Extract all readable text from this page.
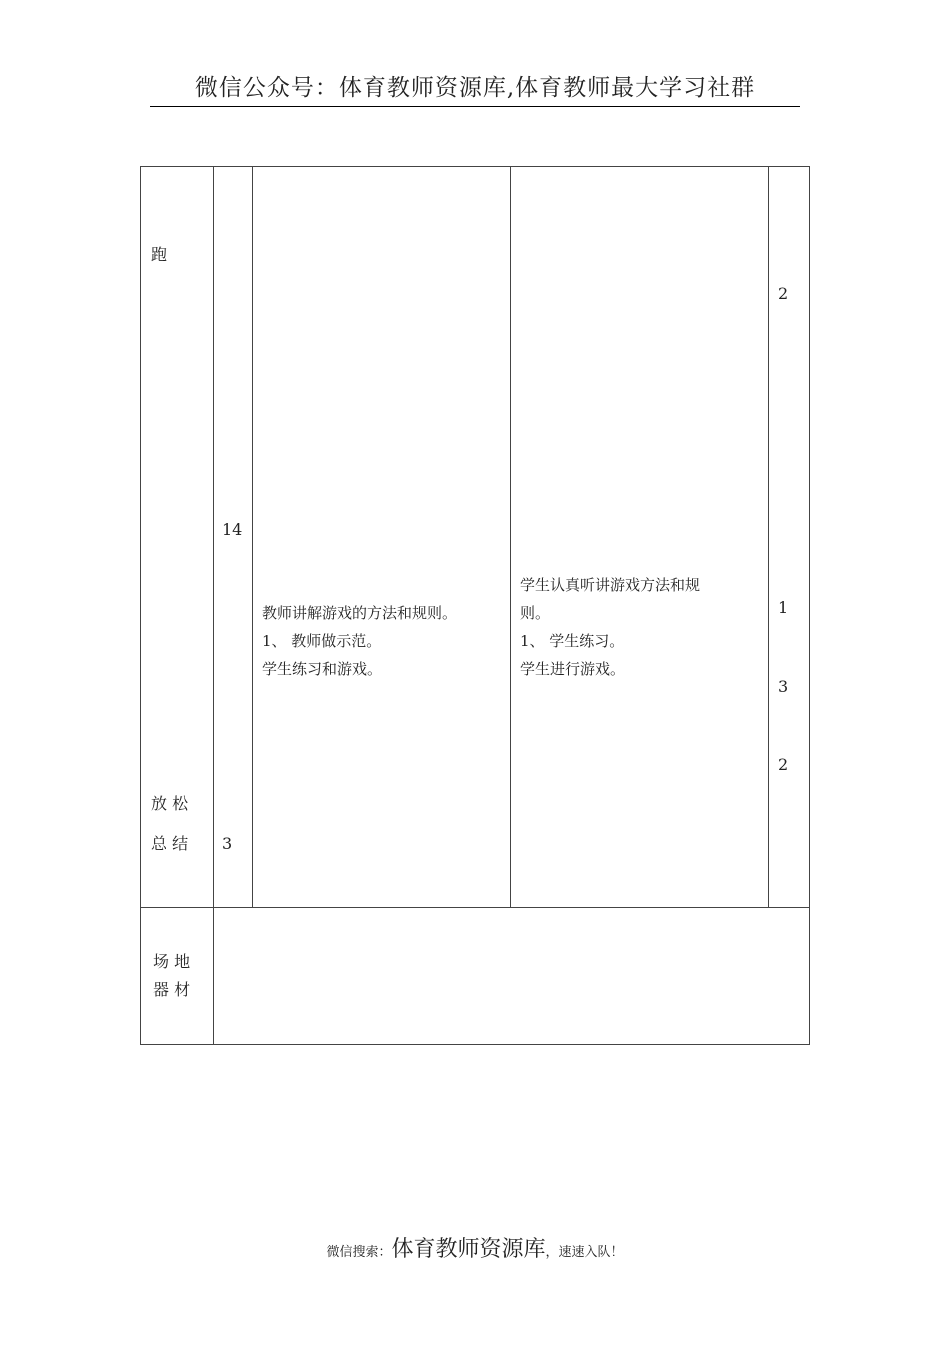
微信公众号：体育教师资源库,体育教师最大学习社群
跑
放 松
总 结
14
3
教师讲解游戏的方法和规则。
1、 教师做示范。
学生练习和游戏。
学生认真听讲游戏方法和规
则。
1、 学生练习。
学生进行游戏。
2
1
3
2
场 地
器 材
微信搜索：体育教师资源库，速速入队！
